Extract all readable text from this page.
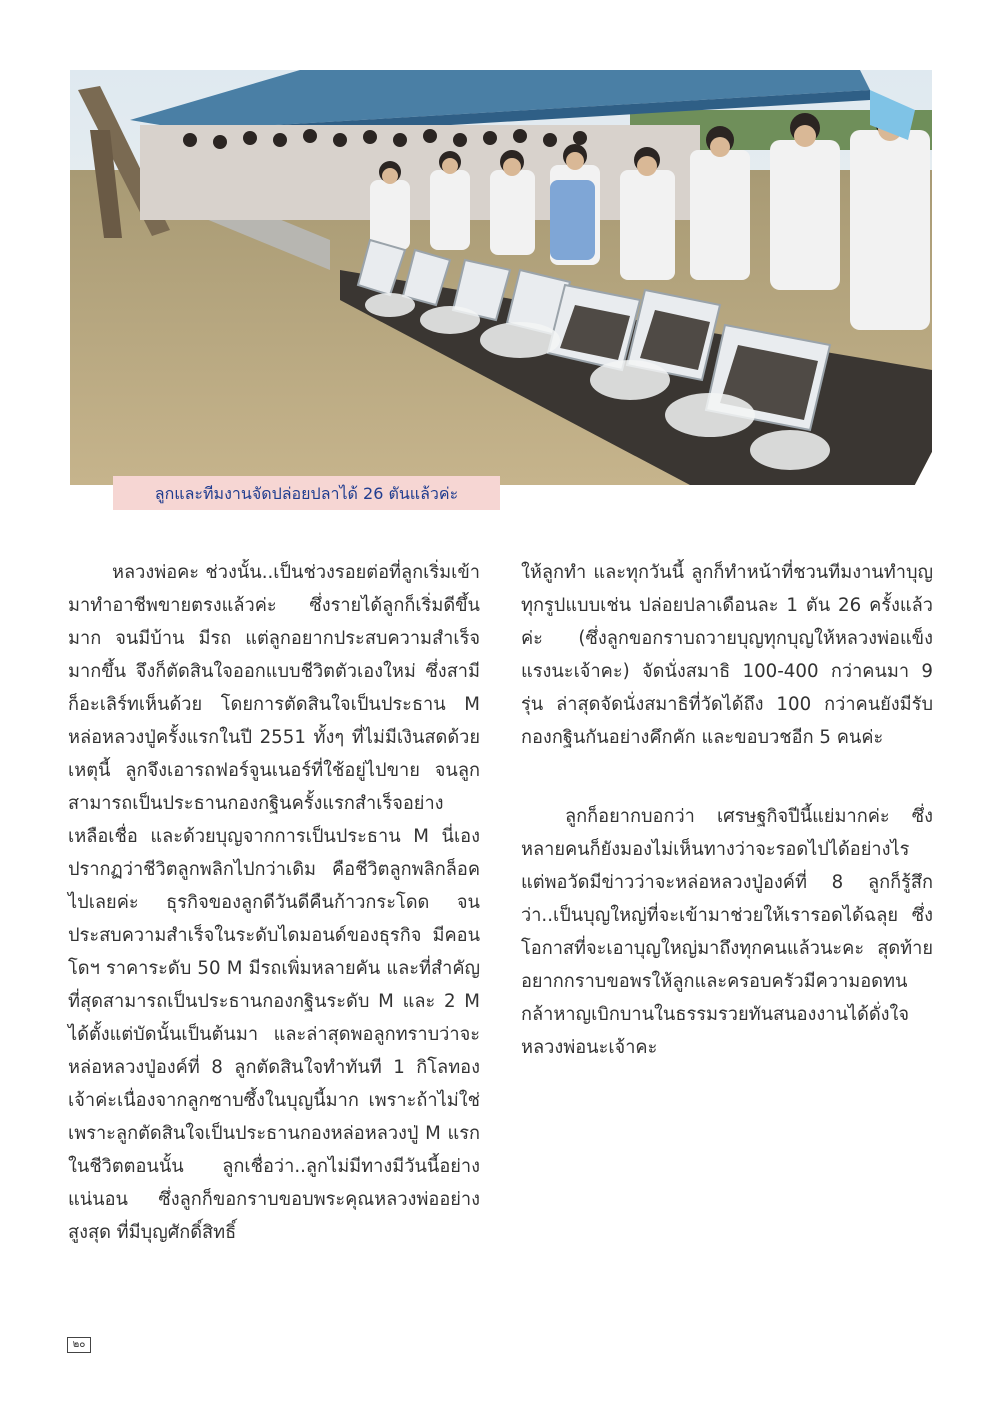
ลูกและทีมงานจัดปล่อยปลาได้ 26 ตันแล้วค่ะ

หลวงพ่อคะ ช่วงนั้น..เป็นช่วงรอยต่อที่ลูกเริ่มเข้ามาทำอาชีพขายตรงแล้วค่ะ ซึ่งรายได้ลูกก็เริ่มดีขึ้นมาก จนมีบ้าน มีรถ แต่ลูกอยากประสบความสำเร็จมากขึ้น จึงก็ตัดสินใจออกแบบชีวิตตัวเองใหม่ ซึ่งสามีก็อะเลิร์ทเห็นด้วย โดยการตัดสินใจเป็นประธาน M หล่อหลวงปู่ครั้งแรกในปี 2551 ทั้งๆ ที่ไม่มีเงินสดด้วยเหตุนี้ ลูกจึงเอารถฟอร์จูนเนอร์ที่ใช้อยู่ไปขาย จนลูกสามารถเป็นประธานกองกฐินครั้งแรกสำเร็จอย่างเหลือเชื่อ และด้วยบุญจากการเป็นประธาน M นี่เอง ปรากฏว่าชีวิตลูกพลิกไปกว่าเดิม คือชีวิตลูกพลิกล็อคไปเลยค่ะ ธุรกิจของลูกดีวันดีคืนก้าวกระโดด จนประสบความสำเร็จในระดับไดมอนด์ของธุรกิจ มีคอนโดฯ ราคาระดับ 50 M มีรถเพิ่มหลายคัน และที่สำคัญที่สุดสามารถเป็นประธานกองกฐินระดับ M และ 2 M ได้ตั้งแต่บัดนั้นเป็นต้นมา และล่าสุดพอลูกทราบว่าจะหล่อหลวงปู่องค์ที่ 8 ลูกตัดสินใจทำทันที 1 กิโลทองเจ้าค่ะเนื่องจากลูกซาบซึ้งในบุญนี้มาก เพราะถ้าไม่ใช่เพราะลูกตัดสินใจเป็นประธานกองหล่อหลวงปู่ M แรกในชีวิตตอนนั้น ลูกเชื่อว่า..ลูกไม่มีทางมีวันนี้อย่างแน่นอน ซึ่งลูกก็ขอกราบขอบพระคุณหลวงพ่ออย่างสูงสุด ที่มีบุญศักดิ์สิทธิ์

ให้ลูกทำ และทุกวันนี้ ลูกก็ทำหน้าที่ชวนทีมงานทำบุญทุกรูปแบบเช่น ปล่อยปลาเดือนละ 1 ตัน 26 ครั้งแล้วค่ะ (ซึ่งลูกขอกราบถวายบุญทุกบุญให้หลวงพ่อแข็งแรงนะเจ้าคะ) จัดนั่งสมาธิ 100-400 กว่าคนมา 9 รุ่น ล่าสุดจัดนั่งสมาธิที่วัดได้ถึง 100 กว่าคนยังมีรับกองกฐินกันอย่างคึกคัก และขอบวชอีก 5 คนค่ะ

ลูกก็อยากบอกว่า เศรษฐกิจปีนี้แย่มากค่ะ ซึ่งหลายคนก็ยังมองไม่เห็นทางว่าจะรอดไปได้อย่างไร แต่พอวัดมีข่าวว่าจะหล่อหลวงปู่องค์ที่ 8 ลูกก็รู้สึกว่า..เป็นบุญใหญ่ที่จะเข้ามาช่วยให้เรารอดได้ฉลุย ซึ่งโอกาสที่จะเอาบุญใหญ่มาถึงทุกคนแล้วนะคะ สุดท้ายอยากกราบขอพรให้ลูกและครอบครัวมีความอดทน กล้าหาญเบิกบานในธรรมรวยทันสนองงานได้ดั่งใจหลวงพ่อนะเจ้าคะ

๒๐
